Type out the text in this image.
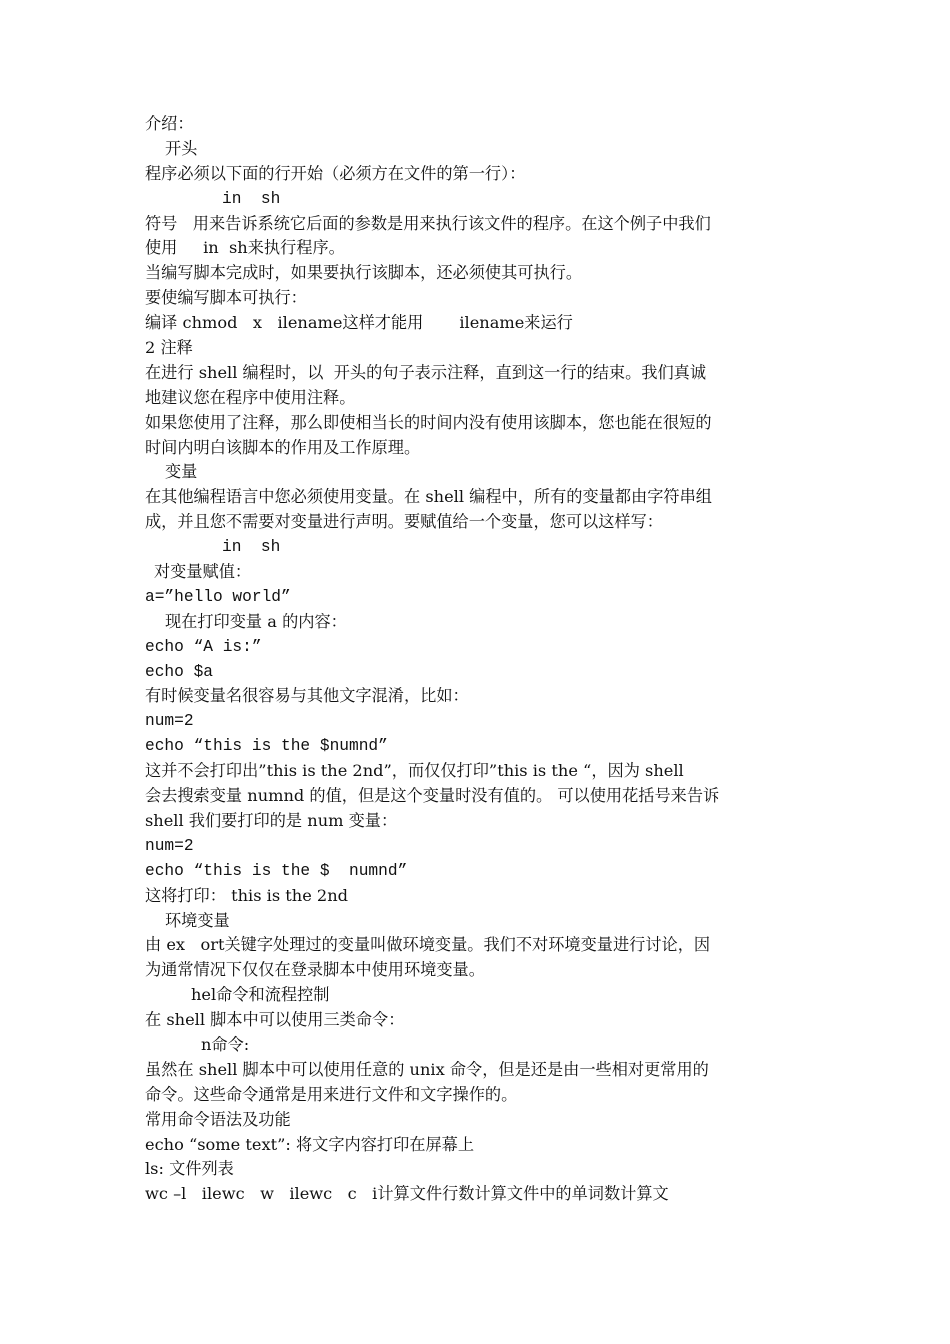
介绍：
开头
程序必须以下面的行开始（必须方在文件的第一行）：
in  sh
符号   用来告诉系统它后面的参数是用来执行该文件的程序。在这个例子中我们
使用     in  sh来执行程序。
当编写脚本完成时，如果要执行该脚本，还必须使其可执行。
要使编写脚本可执行：
编译 chmod   x   ilename这样才能用       ilename来运行
2 注释
在进行 shell 编程时，以  开头的句子表示注释，直到这一行的结束。我们真诚
地建议您在程序中使用注释。
如果您使用了注释，那么即使相当长的时间内没有使用该脚本，您也能在很短的
时间内明白该脚本的作用及工作原理。
变量
在其他编程语言中您必须使用变量。在 shell 编程中，所有的变量都由字符串组
成，并且您不需要对变量进行声明。要赋值给一个变量，您可以这样写：
in  sh
对变量赋值：
a=”hello world”
现在打印变量 a 的内容：
echo “A is:”
echo $a
有时候变量名很容易与其他文字混淆，比如：
num=2
echo “this is the $numnd”
这并不会打印出”this is the 2nd”，而仅仅打印”this is the “，因为 shell
会去搜索变量 numnd 的值，但是这个变量时没有值的。 可以使用花括号来告诉
shell 我们要打印的是 num 变量：
num=2
echo “this is the $  numnd”
这将打印： this is the 2nd
环境变量
由 ex   ort关键字处理过的变量叫做环境变量。我们不对环境变量进行讨论，因
为通常情况下仅仅在登录脚本中使用环境变量。
hel命令和流程控制
在 shell 脚本中可以使用三类命令：
n命令:
虽然在 shell 脚本中可以使用任意的 unix 命令，但是还是由一些相对更常用的
命令。这些命令通常是用来进行文件和文字操作的。
常用命令语法及功能
echo “some text”: 将文字内容打印在屏幕上
ls: 文件列表
wc –l   ilewc   w   ilewc   c   i计算文件行数计算文件中的单词数计算文
